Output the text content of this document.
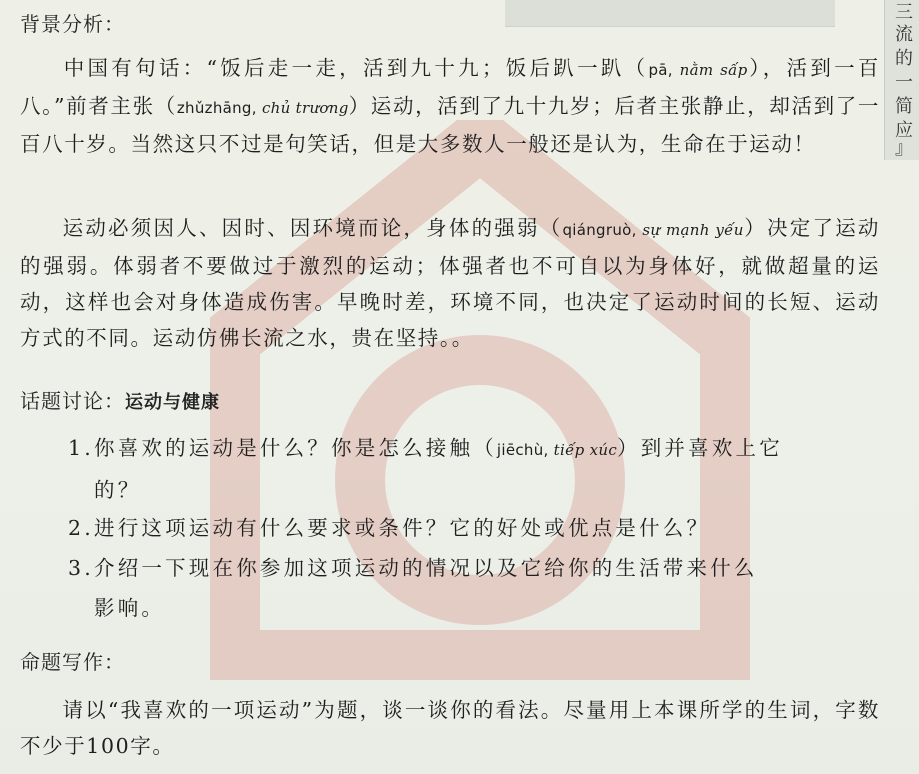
三
流
的
一
简
应
』
背景分析：
中国有句话：“饭后走一走，活到九十九；饭后趴一趴（pā, nằm sấp），活到一百八。”前者主张（zhǔzhāng, chủ trương）运动，活到了九十九岁；后者主张静止，却活到了一百八十岁。当然这只不过是句笑话，但是大多数人一般还是认为，生命在于运动！
运动必须因人、因时、因环境而论，身体的强弱（qiángruò, sự mạnh yếu）决定了运动的强弱。体弱者不要做过于激烈的运动；体强者也不可自以为身体好，就做超量的运动，这样也会对身体造成伤害。早晚时差，环境不同，也决定了运动时间的长短、运动方式的不同。运动仿佛长流之水，贵在坚持。。
话题讨论：运动与健康
1.你喜欢的运动是什么？你是怎么接触（jiēchù, tiếp xúc）到并喜欢上它
的？
2.进行这项运动有什么要求或条件？它的好处或优点是什么？
3.介绍一下现在你参加这项运动的情况以及它给你的生活带来什么
影响。
命题写作：
请以“我喜欢的一项运动”为题，谈一谈你的看法。尽量用上本课所学的生词，字数不少于100字。
